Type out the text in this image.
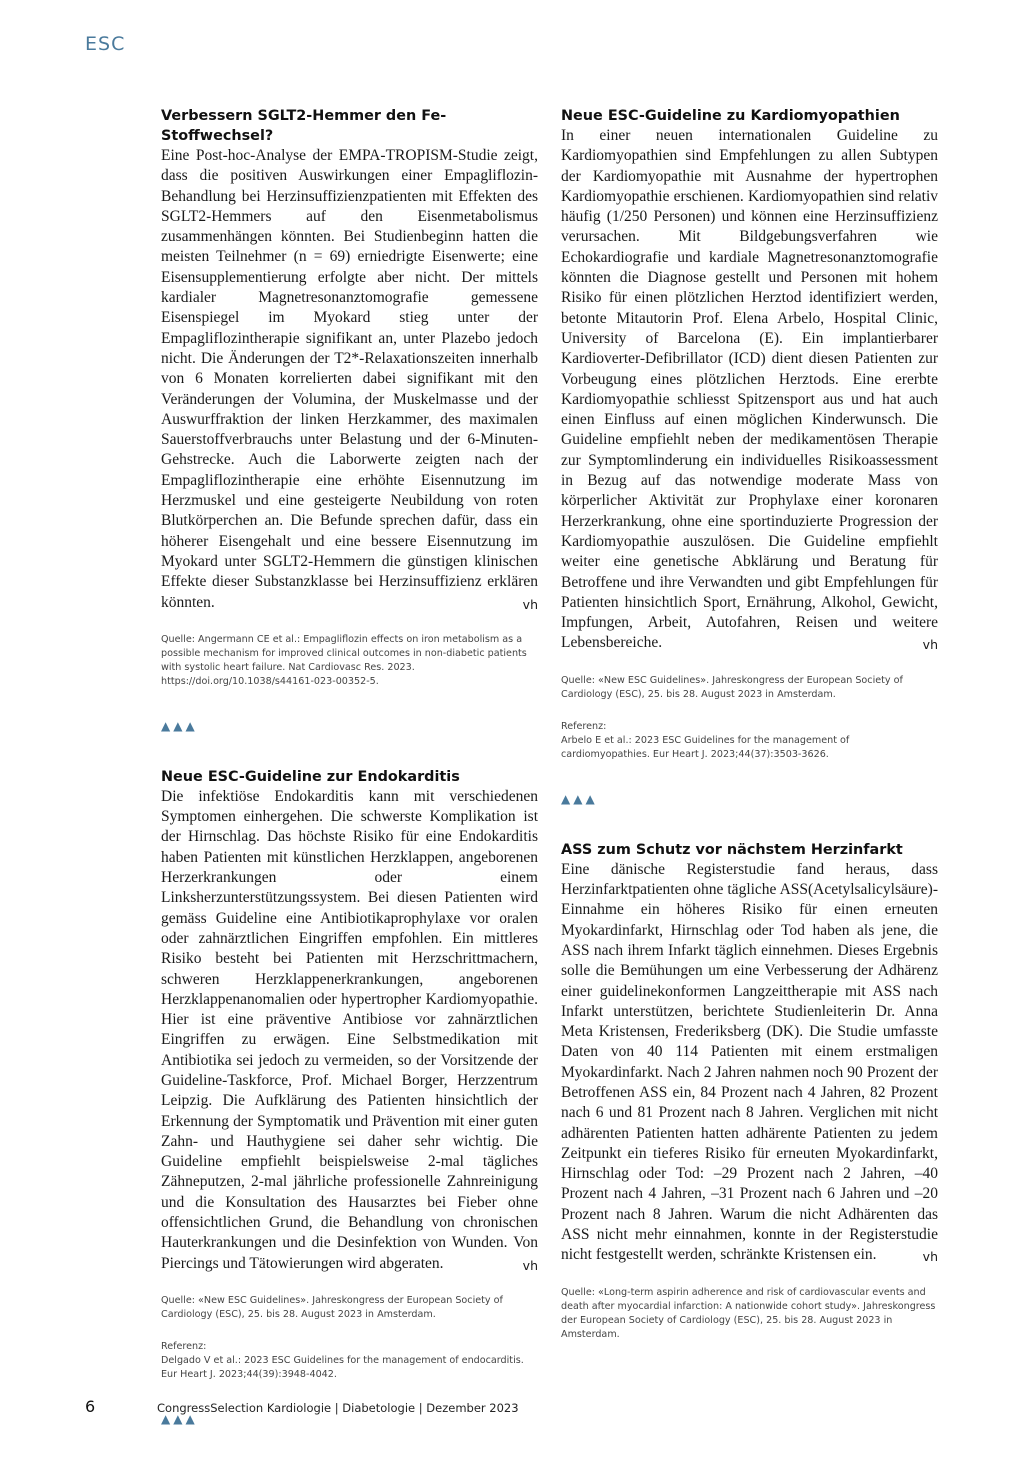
ESC
Verbessern SGLT2-Hemmer den Fe-Stoffwechsel?

Eine Post-hoc-Analyse der EMPA-TROPISM-Studie zeigt, dass die positiven Auswirkungen einer Empagliflozin-Behandlung bei Herzinsuffizienzpatienten mit Effekten des SGLT2-Hemmers auf den Eisenmetabolismus zusammenhängen könnten. Bei Studienbeginn hatten die meisten Teilnehmer (n = 69) erniedrigte Eisenwerte; eine Eisensupplementierung erfolgte aber nicht. Der mittels kardialer Magnetresonanztomografie gemessene Eisenspiegel im Myokard stieg unter der Empagliflozintherapie signifikant an, unter Plazebo jedoch nicht. Die Änderungen der T2*-Relaxationszeiten innerhalb von 6 Monaten korrelierten dabei signifikant mit den Veränderungen der Volumina, der Muskelmasse und der Auswurffraktion der linken Herzkammer, des maximalen Sauerstoffverbrauchs unter Belastung und der 6-Minuten-Gehstrecke. Auch die Laborwerte zeigten nach der Empagliflozintherapie eine erhöhte Eisennutzung im Herzmuskel und eine gesteigerte Neubildung von roten Blutkörperchen an. Die Befunde sprechen dafür, dass ein höherer Eisengehalt und eine bessere Eisennutzung im Myokard unter SGLT2-Hemmern die günstigen klinischen Effekte dieser Substanzklasse bei Herzinsuffizienz erklären könnten.	vh

Quelle: Angermann CE et al.: Empagliflozin effects on iron metabolism as a possible mechanism for improved clinical outcomes in non-diabetic patients with systolic heart failure. Nat Cardiovasc Res. 2023. https://doi.org/10.1038/s44161-023-00352-5.

▲▲▲
Neue ESC-Guideline zur Endokarditis

Die infektiöse Endokarditis kann mit verschiedenen Symptomen einhergehen. Die schwerste Komplikation ist der Hirnschlag. Das höchste Risiko für eine Endokarditis haben Patienten mit künstlichen Herzklappen, angeborenen Herzerkrankungen oder einem Linksherzunterstützungssystem. Bei diesen Patienten wird gemäss Guideline eine Antibiotikaprophylaxe vor oralen oder zahnärztlichen Eingriffen empfohlen. Ein mittleres Risiko besteht bei Patienten mit Herzschrittmachern, schweren Herzklappenerkrankungen, angeborenen Herzklappenanomalien oder hypertropher Kardiomyopathie. Hier ist eine präventive Antibiose vor zahnärztlichen Eingriffen zu erwägen. Eine Selbstmedikation mit Antibiotika sei jedoch zu vermeiden, so der Vorsitzende der Guideline-Taskforce, Prof. Michael Borger, Herzzentrum Leipzig. Die Aufklärung des Patienten hinsichtlich der Erkennung der Symptomatik und Prävention mit einer guten Zahn- und Hauthygiene sei daher sehr wichtig. Die Guideline empfiehlt beispielsweise 2-mal tägliches Zähneputzen, 2-mal jährliche professionelle Zahnreinigung und die Konsultation des Hausarztes bei Fieber ohne offensichtlichen Grund, die Behandlung von chronischen Hauterkrankungen und die Desinfektion von Wunden. Von Piercings und Tätowierungen wird abgeraten.	vh

Quelle: «New ESC Guidelines». Jahreskongress der European Society of Cardiology (ESC), 25. bis 28. August 2023 in Amsterdam.

Referenz:
Delgado V et al.: 2023 ESC Guidelines for the management of endocarditis. Eur Heart J. 2023;44(39):3948-4042.

▲▲▲
Neue ESC-Guideline zu Kardiomyopathien

In einer neuen internationalen Guideline zu Kardiomyopathien sind Empfehlungen zu allen Subtypen der Kardiomyopathie mit Ausnahme der hypertrophen Kardiomyopathie erschienen. Kardiomyopathien sind relativ häufig (1/250 Personen) und können eine Herzinsuffizienz verursachen. Mit Bildgebungsverfahren wie Echokardiografie und kardiale Magnetresonanztomografie könnten die Diagnose gestellt und Personen mit hohem Risiko für einen plötzlichen Herztod identifiziert werden, betonte Mitautorin Prof. Elena Arbelo, Hospital Clinic, University of Barcelona (E). Ein implantierbarer Kardioverter-Defibrillator (ICD) dient diesen Patienten zur Vorbeugung eines plötzlichen Herztods. Eine ererbte Kardiomyopathie schliesst Spitzensport aus und hat auch einen Einfluss auf einen möglichen Kinderwunsch. Die Guideline empfiehlt neben der medikamentösen Therapie zur Symptomlinderung ein individuelles Risikoassessment in Bezug auf das notwendige moderate Mass von körperlicher Aktivität zur Prophylaxe einer koronaren Herzerkrankung, ohne eine sportinduzierte Progression der Kardiomyopathie auszulösen. Die Guideline empfiehlt weiter eine genetische Abklärung und Beratung für Betroffene und ihre Verwandten und gibt Empfehlungen für Patienten hinsichtlich Sport, Ernährung, Alkohol, Gewicht, Impfungen, Arbeit, Autofahren, Reisen und weitere Lebensbereiche.	vh

Quelle: «New ESC Guidelines». Jahreskongress der European Society of Cardiology (ESC), 25. bis 28. August 2023 in Amsterdam.

Referenz:
Arbelo E et al.: 2023 ESC Guidelines for the management of cardiomyopathies. Eur Heart J. 2023;44(37):3503-3626.

▲▲▲
ASS zum Schutz vor nächstem Herzinfarkt

Eine dänische Registerstudie fand heraus, dass Herzinfarktpatienten ohne tägliche ASS(Acetylsalicylsäure)-Einnahme ein höheres Risiko für einen erneuten Myokardinfarkt, Hirnschlag oder Tod haben als jene, die ASS nach ihrem Infarkt täglich einnehmen. Dieses Ergebnis solle die Bemühungen um eine Verbesserung der Adhärenz einer guidelinekonformen Langzeittherapie mit ASS nach Infarkt unterstützen, berichtete Studienleiterin Dr. Anna Meta Kristensen, Frederiksberg (DK). Die Studie umfasste Daten von 40 114 Patienten mit einem erstmaligen Myokardinfarkt. Nach 2 Jahren nahmen noch 90 Prozent der Betroffenen ASS ein, 84 Prozent nach 4 Jahren, 82 Prozent nach 6 und 81 Prozent nach 8 Jahren. Verglichen mit nicht adhärenten Patienten hatten adhärente Patienten zu jedem Zeitpunkt ein tieferes Risiko für erneuten Myokardinfarkt, Hirnschlag oder Tod: –29 Prozent nach 2 Jahren, –40 Prozent nach 4 Jahren, –31 Prozent nach 6 Jahren und –20 Prozent nach 8 Jahren. Warum die nicht Adhärenten das ASS nicht mehr einnahmen, konnte in der Registerstudie nicht festgestellt werden, schränkte Kristensen ein.	vh

Quelle: «Long-term aspirin adherence and risk of cardiovascular events and death after myocardial infarction: A nationwide cohort study». Jahreskongress der European Society of Cardiology (ESC), 25. bis 28. August 2023 in Amsterdam.

6	CongressSelection Kardiologie | Diabetologie | Dezember 2023
